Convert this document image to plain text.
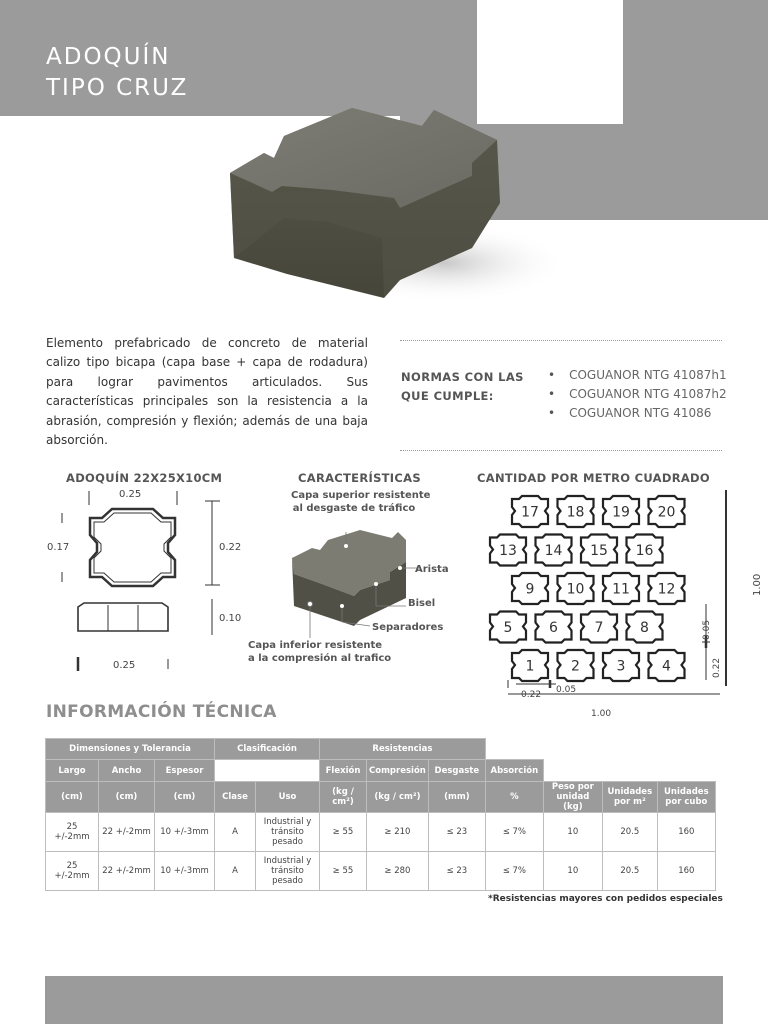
ADOQUÍN
TIPO CRUZ

Elemento prefabricado de concreto de material calizo tipo bicapa (capa base + capa de rodadura) para lograr pavimentos articulados. Sus características principales son la resistencia a la abrasión, compresión y flexión; además de una baja absorción.

NORMAS CON LAS QUE CUMPLE:
• COGUANOR NTG 41087h1
• COGUANOR NTG 41087h2
• COGUANOR NTG 41086
ADOQUÍN 22X25X10CM
0.25
0.17	0.22
0.10
0.25
CARACTERÍSTICAS
Capa superior resistente
al desgaste de tráfico
Arista
Bisel
Separadores
Capa inferior resistente
a la compresión al trafico
CANTIDAD POR METRO CUADRADO
17 18 19 20
13 14 15 16
9 10 11 12
5	6	7	8
1	2	3	4
1.00
0.05
0.22
0.22 0.05
1.00
INFORMACIÓN TÉCNICA
Dimensiones y Tolerancia			Clasificación		Resistencias						
Largo	Ancho	Espesor			Flexión	Compresión	Desgaste	Absorción			
(cm)	(cm)	(cm)	Clase	Uso	(kg / cm²)	(kg / cm²)	(mm)	%	Peso por unidad (kg)	Unidades por m²	Unidades por cubo
25 +/-2mm	22 +/-2mm	10 +/-3mm	A	Industrial y tránsito pesado	≥ 55	≥ 210	≤ 23	≤ 7%	10	20.5	160
25 +/-2mm	22 +/-2mm	10 +/-3mm	A	Industrial y tránsito pesado	≥ 55	≥ 280	≤ 23	≤ 7%	10	20.5	160
*Resistencias mayores con pedidos especiales
